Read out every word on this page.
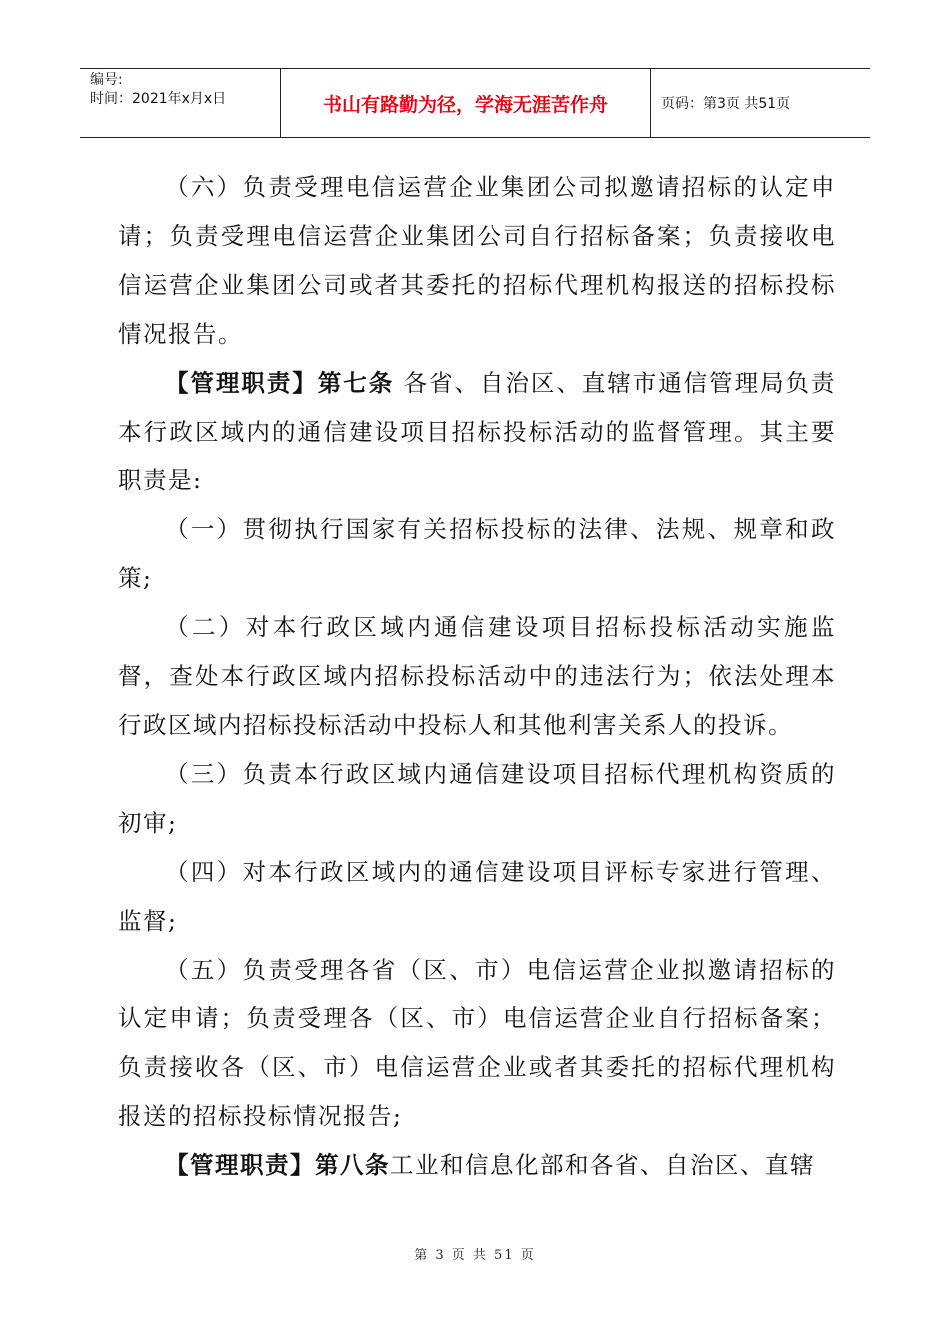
编号:
时间：2021年x月x日	书山有路勤为径，学海无涯苦作舟	页码：第3页 共51页

（六）负责受理电信运营企业集团公司拟邀请招标的认定申请；负责受理电信运营企业集团公司自行招标备案；负责接收电信运营企业集团公司或者其委托的招标代理机构报送的招标投标情况报告。

【管理职责】第七条 各省、自治区、直辖市通信管理局负责本行政区域内的通信建设项目招标投标活动的监督管理。其主要职责是:

（一）贯彻执行国家有关招标投标的法律、法规、规章和政策;

（二）对本行政区域内通信建设项目招标投标活动实施监督，查处本行政区域内招标投标活动中的违法行为；依法处理本行政区域内招标投标活动中投标人和其他利害关系人的投诉。

（三）负责本行政区域内通信建设项目招标代理机构资质的初审;

（四）对本行政区域内的通信建设项目评标专家进行管理、监督;

（五）负责受理各省（区、市）电信运营企业拟邀请招标的认定申请；负责受理各（区、市）电信运营企业自行招标备案；负责接收各（区、市）电信运营企业或者其委托的招标代理机构报送的招标投标情况报告;

【管理职责】第八条工业和信息化部和各省、自治区、直辖

第 3 页 共 51 页
